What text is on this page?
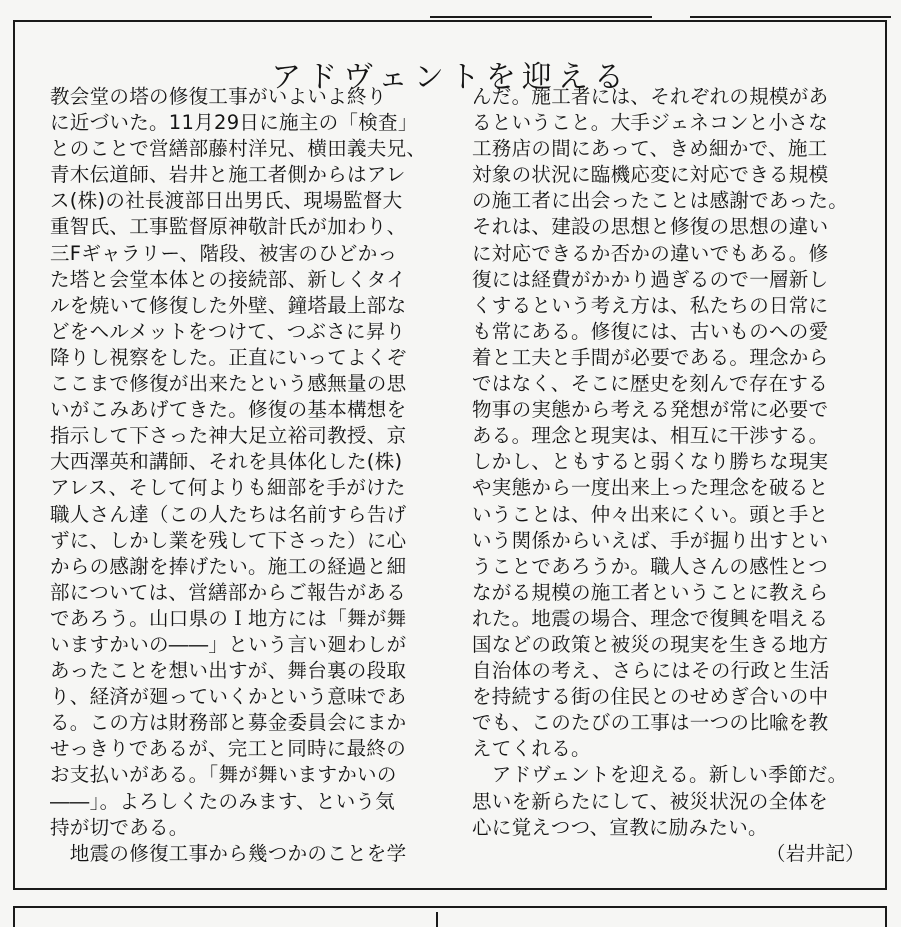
アドヴェントを迎える
教会堂の塔の修復工事がいよいよ終り
に近づいた。11月29日に施主の「検査」
とのことで営繕部藤村洋兄、横田義夫兄、
青木伝道師、岩井と施工者側からはアレ
ス(株)の社長渡部日出男氏、現場監督大
重智氏、工事監督原神敬計氏が加わり、
三Fギャラリー、階段、被害のひどかっ
た塔と会堂本体との接続部、新しくタイ
ルを焼いて修復した外壁、鐘塔最上部な
どをヘルメットをつけて、つぶさに昇り
降りし視察をした。正直にいってよくぞ
ここまで修復が出来たという感無量の思
いがこみあげてきた。修復の基本構想を
指示して下さった神大足立裕司教授、京
大西澤英和講師、それを具体化した(株)
アレス、そして何よりも細部を手がけた
職人さん達（この人たちは名前すら告げ
ずに、しかし業を残して下さった）に心
からの感謝を捧げたい。施工の経過と細
部については、営繕部からご報告がある
であろう。山口県のＩ地方には「舞が舞
いますかいの――」という言い廻わしが
あったことを想い出すが、舞台裏の段取
り、経済が廻っていくかという意味であ
る。この方は財務部と募金委員会にまか
せっきりであるが、完工と同時に最終の
お支払いがある。「舞が舞いますかいの
――」。よろしくたのみます、という気
持が切である。
　地震の修復工事から幾つかのことを学
んだ。施工者には、それぞれの規模があ
るということ。大手ジェネコンと小さな
工務店の間にあって、きめ細かで、施工
対象の状況に臨機応変に対応できる規模
の施工者に出会ったことは感謝であった。
それは、建設の思想と修復の思想の違い
に対応できるか否かの違いでもある。修
復には経費がかかり過ぎるので一層新し
くするという考え方は、私たちの日常に
も常にある。修復には、古いものへの愛
着と工夫と手間が必要である。理念から
ではなく、そこに歴史を刻んで存在する
物事の実態から考える発想が常に必要で
ある。理念と現実は、相互に干渉する。
しかし、ともすると弱くなり勝ちな現実
や実態から一度出来上った理念を破ると
いうことは、仲々出来にくい。頭と手と
いう関係からいえば、手が掘り出すとい
うことであろうか。職人さんの感性とつ
ながる規模の施工者ということに教えら
れた。地震の場合、理念で復興を唱える
国などの政策と被災の現実を生きる地方
自治体の考え、さらにはその行政と生活
を持続する街の住民とのせめぎ合いの中
でも、このたびの工事は一つの比喩を教
えてくれる。
　アドヴェントを迎える。新しい季節だ。
思いを新らたにして、被災状況の全体を
心に覚えつつ、宣教に励みたい。
（岩井記）
